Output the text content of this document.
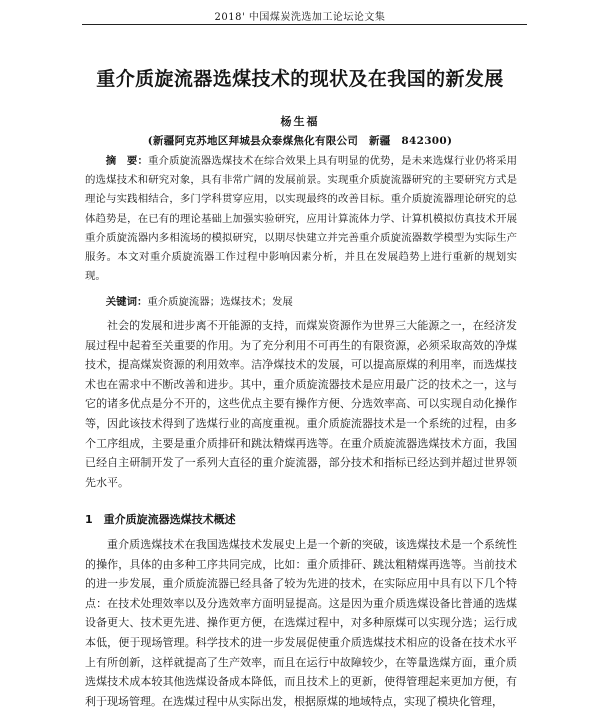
2018' 中国煤炭洗选加工论坛论文集
重介质旋流器选煤技术的现状及在我国的新发展
杨生福
(新疆阿克苏地区拜城县众泰煤焦化有限公司　新疆　842300)

摘　要：重介质旋流器选煤技术在综合效果上具有明显的优势，是未来选煤行业仍将采用的选煤技术和研究对象，具有非常广阔的发展前景。实现重介质旋流器研究的主要研究方式是理论与实践相结合，多门学科贯穿应用，以实现最终的改善目标。重介质旋流器理论研究的总体趋势是，在已有的理论基础上加强实验研究，应用计算流体力学、计算机模拟仿真技术开展重介质旋流器内多相流场的模拟研究，以期尽快建立并完善重介质旋流器数学模型为实际生产服务。本文对重介质旋流器工作过程中影响因素分析，并且在发展趋势上进行重新的规划实现。

关键词：重介质旋流器；选煤技术；发展

社会的发展和进步离不开能源的支持，而煤炭资源作为世界三大能源之一，在经济发展过程中起着至关重要的作用。为了充分利用不可再生的有限资源，必须采取高效的净煤技术，提高煤炭资源的利用效率。洁净煤技术的发展，可以提高原煤的利用率，而选煤技术也在需求中不断改善和进步。其中，重介质旋流器技术是应用最广泛的技术之一，这与它的诸多优点是分不开的，这些优点主要有操作方便、分选效率高、可以实现自动化操作等，因此该技术得到了选煤行业的高度重视。重介质旋流器技术是一个系统的过程，由多个工序组成，主要是重介质排矸和跳汰精煤再选等。在重介质旋流器选煤技术方面，我国已经自主研制开发了一系列大直径的重介旋流器，部分技术和指标已经达到并超过世界领先水平。

1　重介质旋流器选煤技术概述

重介质选煤技术在我国选煤技术发展史上是一个新的突破，该选煤技术是一个系统性的操作，具体的由多种工序共同完成，比如：重介质排矸、跳汰粗精煤再选等。当前技术的进一步发展，重介质旋流器已经具备了较为先进的技术，在实际应用中具有以下几个特点：在技术处理效率以及分选效率方面明显提高。这是因为重介质选煤设备比普通的选煤设备更大、技术更先进、操作更方便，在选煤过程中，对多种原煤可以实现分选；运行成本低，便于现场管理。科学技术的进一步发展促使重介质选煤技术相应的设备在技术水平上有所创新，这样就提高了生产效率，而且在运行中故障较少，在等量选煤方面，重介质选煤技术成本较其他选煤设备成本降低，而且技术上的更新，使得管理起来更加方便，有利于现场管理。在选煤过程中从实际出发，根据原煤的地域特点，实现了模块化管理，
